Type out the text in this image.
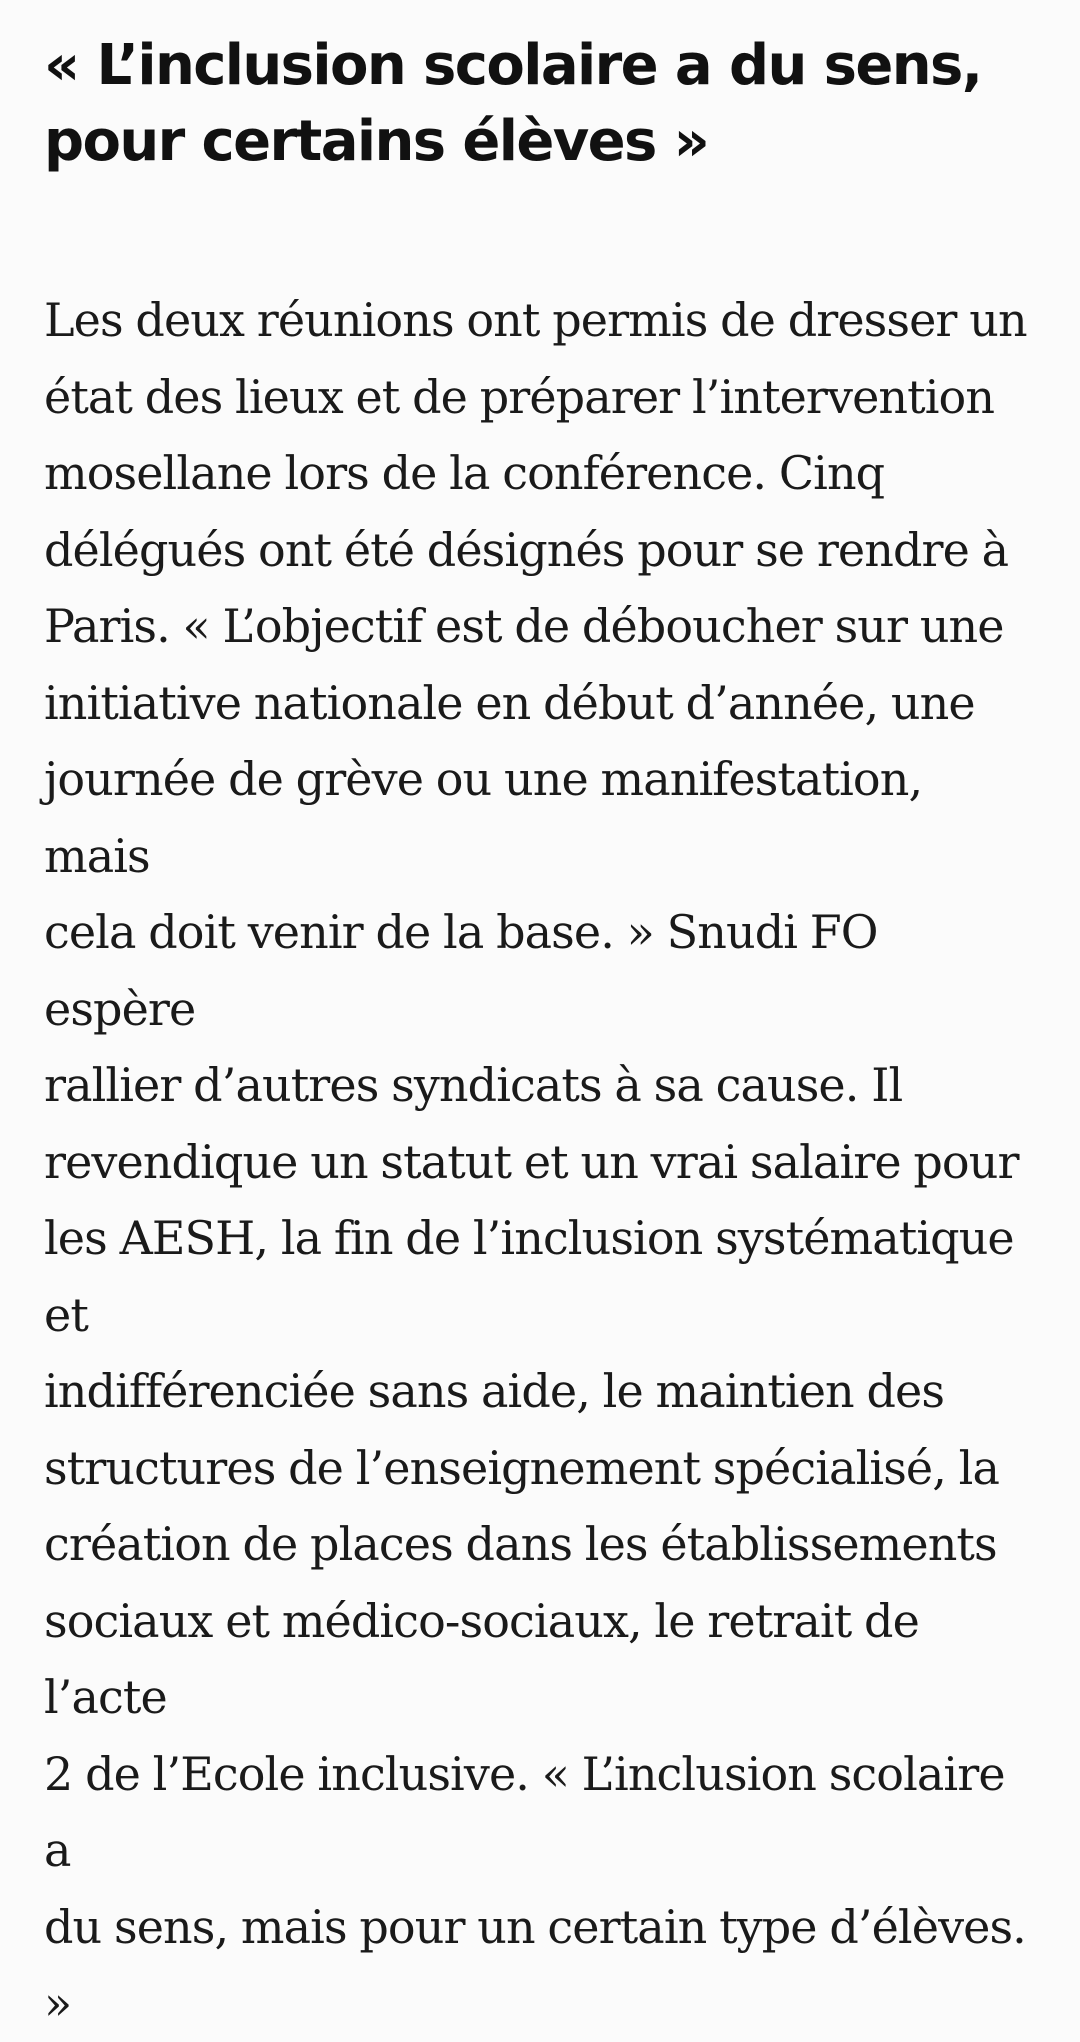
« L’inclusion scolaire a du sens,
pour certains élèves »

Les deux réunions ont permis de dresser un
état des lieux et de préparer l’intervention
mosellane lors de la conférence. Cinq
délégués ont été désignés pour se rendre à
Paris. « L’objectif est de déboucher sur une
initiative nationale en début d’année, une
journée de grève ou une manifestation, mais
cela doit venir de la base. » Snudi FO espère
rallier d’autres syndicats à sa cause. Il
revendique un statut et un vrai salaire pour
les AESH, la fin de l’inclusion systématique et
indifférenciée sans aide, le maintien des
structures de l’enseignement spécialisé, la
création de places dans les établissements
sociaux et médico-sociaux, le retrait de l’acte
2 de l’Ecole inclusive. « L’inclusion scolaire a
du sens, mais pour un certain type d’élèves. »
